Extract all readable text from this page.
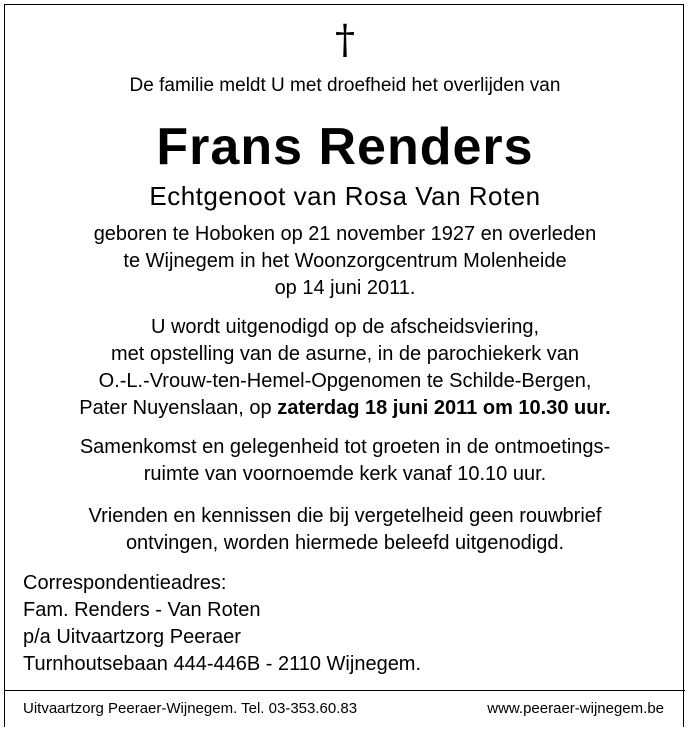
†
De familie meldt U met droefheid het overlijden van
Frans Renders
Echtgenoot van Rosa Van Roten
geboren te Hoboken op 21 november 1927 en overleden
te Wijnegem in het Woonzorgcentrum Molenheide
op 14 juni 2011.
U wordt uitgenodigd op de afscheidsviering,
met opstelling van de asurne, in de parochiekerk van
O.-L.-Vrouw-ten-Hemel-Opgenomen te Schilde-Bergen,
Pater Nuyenslaan, op zaterdag 18 juni 2011 om 10.30 uur.
Samenkomst en gelegenheid tot groeten in de ontmoetings-
ruimte van voornoemde kerk vanaf 10.10 uur.
Vrienden en kennissen die bij vergetelheid geen rouwbrief
ontvingen, worden hiermede beleefd uitgenodigd.
Correspondentieadres:
Fam. Renders - Van Roten
p/a Uitvaartzorg Peeraer
Turnhoutsebaan 444-446B - 2110 Wijnegem.
Uitvaartzorg Peeraer-Wijnegem. Tel. 03-353.60.83	www.peeraer-wijnegem.be
